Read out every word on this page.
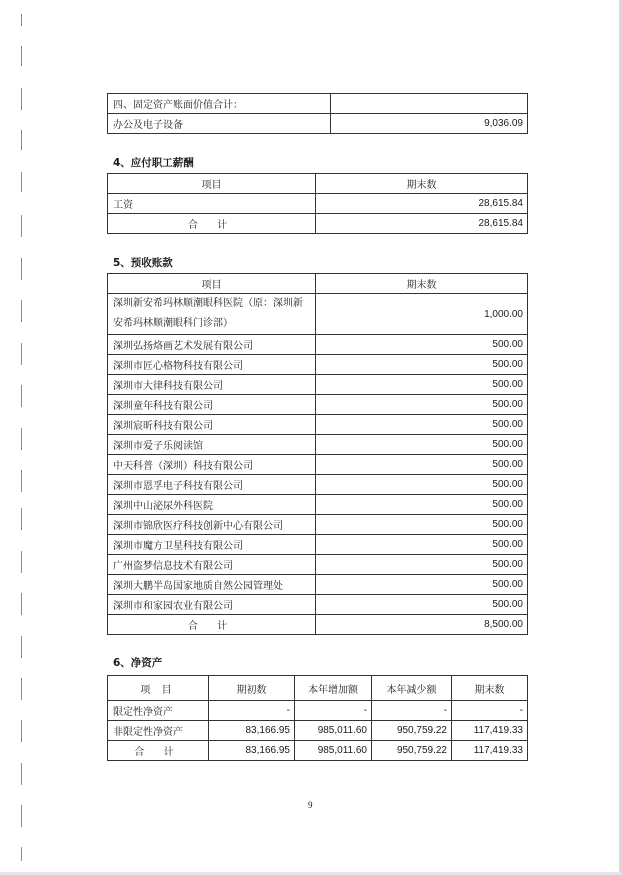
四、固定资产账面价值合计：	
办公及电子设备	9,036.09
4、应付职工薪酬
项目	期末数
工资	28,615.84
合 计	28,615.84
5、预收账款
项目	期末数
深圳新安希玛林顺潮眼科医院（原：深圳新安希玛林顺潮眼科门诊部）	1,000.00
深圳弘扬烙画艺术发展有限公司	500.00
深圳市匠心格物科技有限公司	500.00
深圳市大律科技有限公司	500.00
深圳童年科技有限公司	500.00
深圳宸昕科技有限公司	500.00
深圳市爱子乐阅读馆	500.00
中天科普（深圳）科技有限公司	500.00
深圳市恩孚电子科技有限公司	500.00
深圳中山泌尿外科医院	500.00
深圳市锦欣医疗科技创新中心有限公司	500.00
深圳市魔方卫星科技有限公司	500.00
广州盗梦信息技术有限公司	500.00
深圳大鹏半岛国家地质自然公园管理处	500.00
深圳市和家园农业有限公司	500.00
合 计	8,500.00
6、净资产
项 目	期初数	本年增加额	本年减少额	期末数
限定性净资产	-	-	-	-
非限定性净资产	83,166.95	985,011.60	950,759.22	117,419.33
合 计	83,166.95	985,011.60	950,759.22	117,419.33
9
